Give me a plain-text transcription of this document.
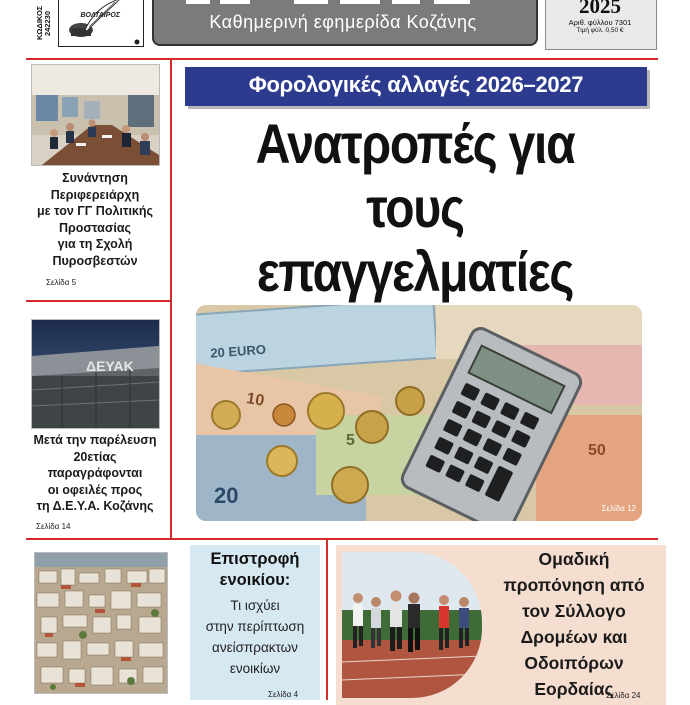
ΚΩΔΙΚΟΣ
242230	ΒΟΛΤΑΙΡΟΣ	Καθημερινή εφημερίδα Κοζάνης
2025
Αριθ. φύλλου 7301
Τιμή φύλ. 0,50 €
Συνάντηση
Περιφερειάρχη
με τον ΓΓ Πολιτικής
Προστασίας
για τη Σχολή
Πυροσβεστών
Σελίδα 5
ΔΕΥΑΚ
Μετά την παρέλευση
20ετίας
παραγράφονται
οι οφειλές προς
τη Δ.Ε.Υ.Α. Κοζάνης
Σελίδα 14
Φορολογικές αλλαγές 2026–2027
Ανατροπές για
τους επαγγελματίες
20 EURO
10
20
5
50
Σελίδα 12
Επιστροφή
ενοικίου:
Τι ισχύει
στην περίπτωση
ανείσπρακτων
ενοικίων
Σελίδα 4
Ομαδική
προπόνηση από
τον Σύλλογο
Δρομέων και
Οδοιπόρων
Εορδαίας
Σελίδα 24
